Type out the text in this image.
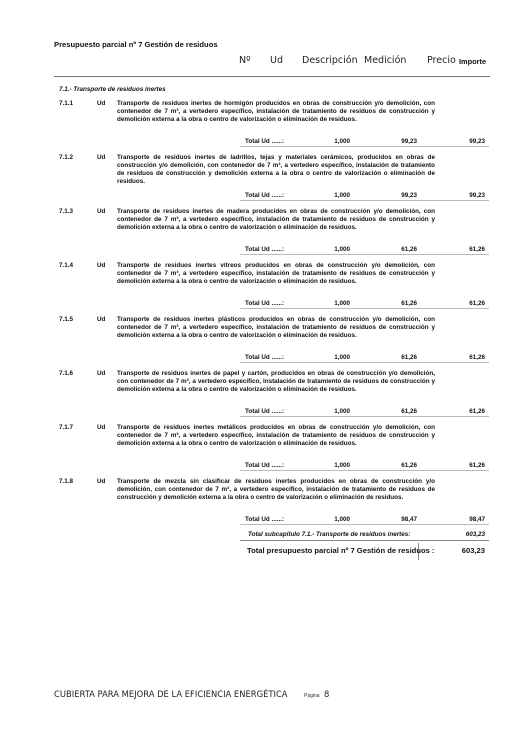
Presupuesto parcial nº 7 Gestión de residuos
Nº Ud Descripción Medición Precio Importe
7.1.- Transporte de residuos inertes
7.1.1	Ud Transporte de residuos inertes de hormigón producidos en obras de construcción y/o demolición, con contenedor de 7 m³, a vertedero específico, instalación de tratamiento de residuos de construcción y demolición externa a la obra o centro de valorización o eliminación de residuos.
Total Ud ......:	1,000	99,23	99,23
7.1.2	Ud Transporte de residuos inertes de ladrillos, tejas y materiales cerámicos, producidos en obras de construcción y/o demolición, con contenedor de 7 m³, a vertedero específico, instalación de tratamiento de residuos de construcción y demolición externa a la obra o centro de valorización o eliminación de residuos.
Total Ud ......:	1,000	99,23	99,23
7.1.3	Ud Transporte de residuos inertes de madera producidos en obras de construcción y/o demolición, con contenedor de 7 m³, a vertedero específico, instalación de tratamiento de residuos de construcción y demolición externa a la obra o centro de valorización o eliminación de residuos.
Total Ud ......:	1,000	61,26	61,26
7.1.4	Ud Transporte de residuos inertes vítreos producidos en obras de construcción y/o demolición, con contenedor de 7 m³, a vertedero específico, instalación de tratamiento de residuos de construcción y demolición externa a la obra o centro de valorización o eliminación de residuos.
Total Ud ......:	1,000	61,26	61,26
7.1.5	Ud Transporte de residuos inertes plásticos producidos en obras de construcción y/o demolición, con contenedor de 7 m³, a vertedero específico, instalación de tratamiento de residuos de construcción y demolición externa a la obra o centro de valorización o eliminación de residuos.
Total Ud ......:	1,000	61,26	61,26
7.1.6	Ud Transporte de residuos inertes de papel y cartón, producidos en obras de construcción y/o demolición, con contenedor de 7 m³, a vertedero específico, instalación de tratamiento de residuos de construcción y demolición externa a la obra o centro de valorización o eliminación de residuos.
Total Ud ......:	1,000	61,26	61,26
7.1.7	Ud Transporte de residuos inertes metálicos producidos en obras de construcción y/o demolición, con contenedor de 7 m³, a vertedero específico, instalación de tratamiento de residuos de construcción y demolición externa a la obra o centro de valorización o eliminación de residuos.
Total Ud ......:	1,000	61,26	61,26
7.1.8	Ud Transporte de mezcla sin clasificar de residuos inertes producidos en obras de construcción y/o demolición, con contenedor de 7 m³, a vertedero específico, instalación de tratamiento de residuos de construcción y demolición externa a la obra o centro de valorización o eliminación de residuos.
Total Ud ......:	1,000	98,47	98,47
Total subcapítulo 7.1.- Transporte de residuos inertes:	603,23
Total presupuesto parcial nº 7 Gestión de residuos :	603,23
CUBIERTA PARA MEJORA DE LA EFICIENCIA ENERGÉTICA	Página 8
